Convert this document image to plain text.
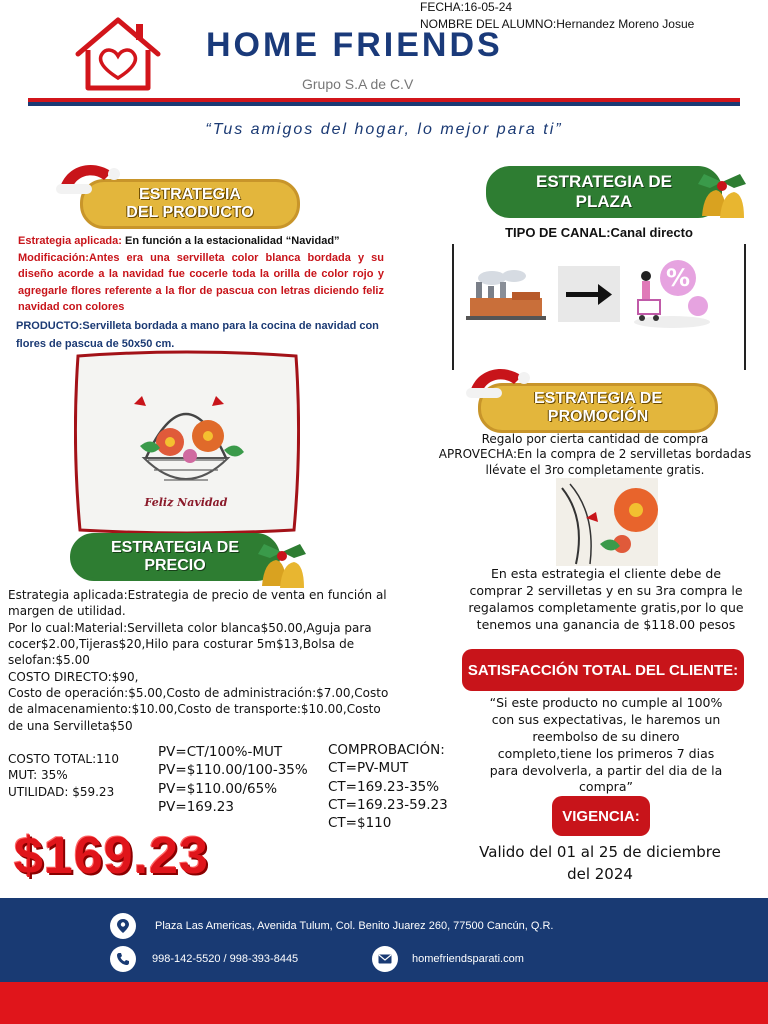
FECHA:16-05-24
NOMBRE DEL ALUMNO:Hernandez Moreno Josue
HOME FRIENDS
Grupo S.A de C.V
“Tus amigos del hogar, lo mejor para ti”
ESTRATEGIA
DEL PRODUCTO
Estrategia aplicada: En función a la estacionalidad “Navidad”
Modificación:Antes era una servilleta color blanca bordada y su diseño acorde a la navidad fue cocerle toda la orilla de color rojo y agregarle flores referente a la flor de pascua con letras diciendo feliz navidad con colores
PRODUCTO:Servilleta bordada a mano para la cocina de navidad con flores de pascua de 50x50 cm.
Feliz Navidad
ESTRATEGIA DE
PLAZA
TIPO DE CANAL:Canal directo
%
ESTRATEGIA DE
PROMOCIÓN
Regalo por cierta cantidad de compra
APROVECHA:En la compra de 2 servilletas bordadas
llévate el 3ro completamente gratis.
En esta estrategia el cliente debe de comprar 2 servilletas y en su 3ra compra le regalamos completamente gratis,por lo que tenemos una ganancia de $118.00 pesos
SATISFACCIÓN TOTAL DEL CLIENTE:
“Si este producto no cumple al 100% con sus expectativas, le haremos un reembolso de su dinero completo,tiene los primeros 7 dias para devolverla, a partir del dia de la compra”
VIGENCIA:
Valido del 01 al 25 de diciembre
del 2024
ESTRATEGIA DE
PRECIO

Estrategia aplicada:Estrategia de precio de venta en función al margen de utilidad.

Por lo cual:Material:Servilleta color blanca$50.00,Aguja para cocer$2.00,Tijeras$20,Hilo para costurar 5m$13,Bolsa de selofan:$5.00

COSTO DIRECTO:$90,

Costo de operación:$5.00,Costo de administración:$7.00,Costo de almacenamiento:$10.00,Costo de transporte:$10.00,Costo de una Servilleta$50

COSTO TOTAL:110
MUT: 35%
UTILIDAD: $59.23
PV=CT/100%-MUT
PV=$110.00/100-35%
PV=$110.00/65%
PV=169.23
COMPROBACIÓN:
CT=PV-MUT
CT=169.23-35%
CT=169.23-59.23
CT=$110
$169.23
Plaza Las Americas, Avenida Tulum, Col. Benito Juarez 260, 77500 Cancún, Q.R.
998-142-5520 / 998-393-8445	homefriendsparati.com
